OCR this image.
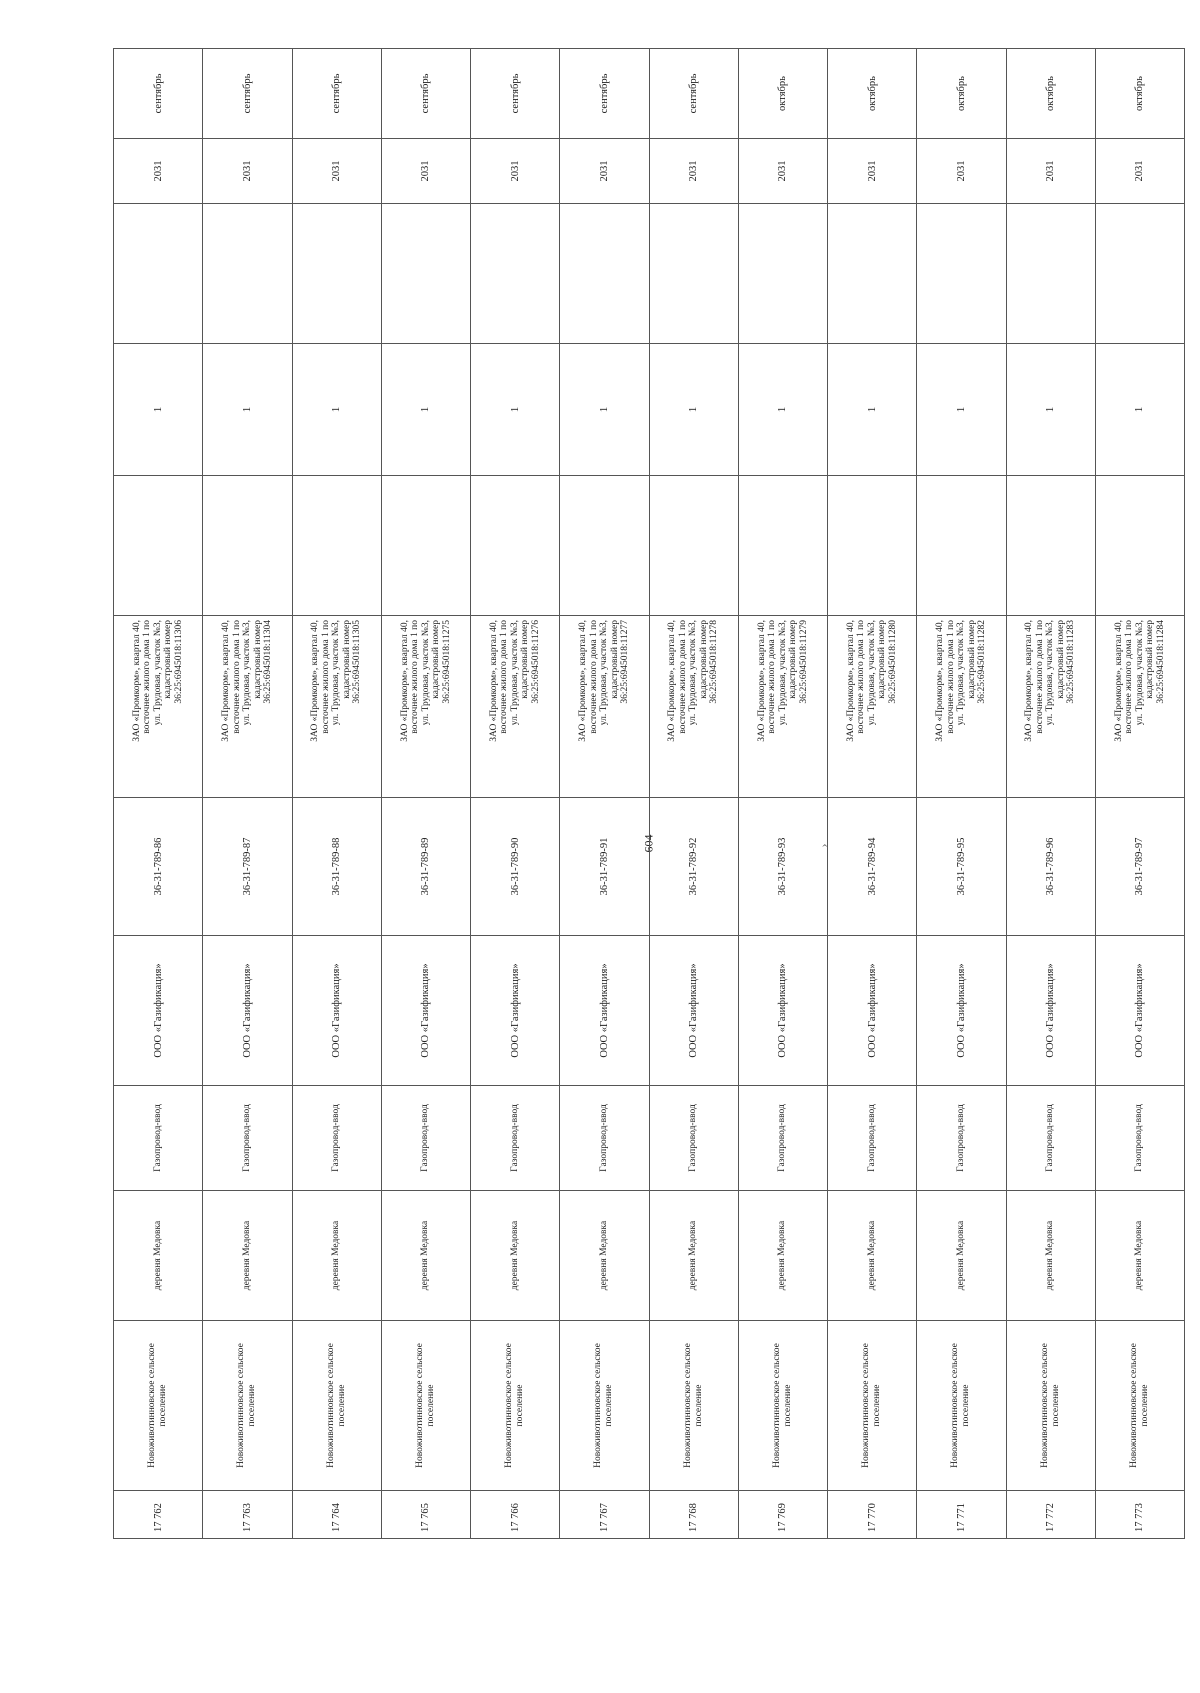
604	›
17 762	Новоживотинновское сельское поселение	деревня Медовка	Газопровод-ввод	ООО «Газификация»	36-31-789-86	ЗАО «Промкорм», квартал 40, восточнее жилого дома 1 по ул. Трудовая, участок №3, кадастровый номер 36:25:6945018:11306		1		2031	сентябрь
17 763	Новоживотинновское сельское поселение	деревня Медовка	Газопровод-ввод	ООО «Газификация»	36-31-789-87	ЗАО «Промкорм», квартал 40, восточнее жилого дома 1 по ул. Трудовая, участок №3, кадастровый номер 36:25:6945018:11304		1		2031	сентябрь
17 764	Новоживотинновское сельское поселение	деревня Медовка	Газопровод-ввод	ООО «Газификация»	36-31-789-88	ЗАО «Промкорм», квартал 40, восточнее жилого дома 1 по ул. Трудовая, участок №3, кадастровый номер 36:25:6945018:11305		1		2031	сентябрь
17 765	Новоживотинновское сельское поселение	деревня Медовка	Газопровод-ввод	ООО «Газификация»	36-31-789-89	ЗАО «Промкорм», квартал 40, восточнее жилого дома 1 по ул. Трудовая, участок №3, кадастровый номер 36:25:6945018:11275		1		2031	сентябрь
17 766	Новоживотинновское сельское поселение	деревня Медовка	Газопровод-ввод	ООО «Газификация»	36-31-789-90	ЗАО «Промкорм», квартал 40, восточнее жилого дома 1 по ул. Трудовая, участок №3, кадастровый номер 36:25:6945018:11276		1		2031	сентябрь
17 767	Новоживотинновское сельское поселение	деревня Медовка	Газопровод-ввод	ООО «Газификация»	36-31-789-91	ЗАО «Промкорм», квартал 40, восточнее жилого дома 1 по ул. Трудовая, участок №3, кадастровый номер 36:25:6945018:11277		1		2031	сентябрь
17 768	Новоживотинновское сельское поселение	деревня Медовка	Газопровод-ввод	ООО «Газификация»	36-31-789-92	ЗАО «Промкорм», квартал 40, восточнее жилого дома 1 по ул. Трудовая, участок №3, кадастровый номер 36:25:6945018:11278		1		2031	сентябрь
17 769	Новоживотинновское сельское поселение	деревня Медовка	Газопровод-ввод	ООО «Газификация»	36-31-789-93	ЗАО «Промкорм», квартал 40, восточнее жилого дома 1 по ул. Трудовая, участок №3, кадастровый номер 36:25:6945018:11279		1		2031	октябрь
17 770	Новоживотинновское сельское поселение	деревня Медовка	Газопровод-ввод	ООО «Газификация»	36-31-789-94	ЗАО «Промкорм», квартал 40, восточнее жилого дома 1 по ул. Трудовая, участок №3, кадастровый номер 36:25:6945018:11280		1		2031	октябрь
17 771	Новоживотинновское сельское поселение	деревня Медовка	Газопровод-ввод	ООО «Газификация»	36-31-789-95	ЗАО «Промкорм», квартал 40, восточнее жилого дома 1 по ул. Трудовая, участок №3, кадастровый номер 36:25:6945018:11282		1		2031	октябрь
17 772	Новоживотинновское сельское поселение	деревня Медовка	Газопровод-ввод	ООО «Газификация»	36-31-789-96	ЗАО «Промкорм», квартал 40, восточнее жилого дома 1 по ул. Трудовая, участок №3, кадастровый номер 36:25:6945018:11283		1		2031	октябрь
17 773	Новоживотинновское сельское поселение	деревня Медовка	Газопровод-ввод	ООО «Газификация»	36-31-789-97	ЗАО «Промкорм», квартал 40, восточнее жилого дома 1 по ул. Трудовая, участок №3, кадастровый номер 36:25:6945018:11284		1		2031	октябрь
